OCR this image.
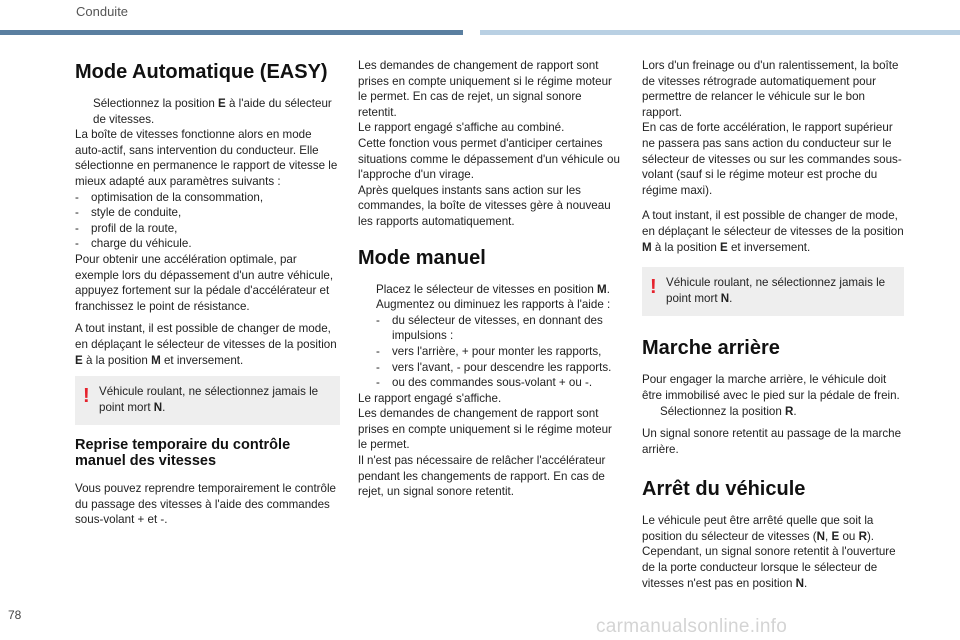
Conduite
Mode Automatique (EASY)
Sélectionnez la position E à l'aide du sélecteur de vitesses.

La boîte de vitesses fonctionne alors en mode auto-actif, sans intervention du conducteur. Elle sélectionne en permanence le rapport de vitesse le mieux adapté aux paramètres suivants :

-	optimisation de la consommation,
-	style de conduite,
-	profil de la route,
-	charge du véhicule.

Pour obtenir une accélération optimale, par exemple lors du dépassement d'un autre véhicule, appuyez fortement sur la pédale d'accélérateur et franchissez le point de résistance.

A tout instant, il est possible de changer de mode, en déplaçant le sélecteur de vitesses de la position E à la position M et inversement.

! Véhicule roulant, ne sélectionnez jamais le point mort N.
Reprise temporaire du contrôle manuel des vitesses

Vous pouvez reprendre temporairement le contrôle du passage des vitesses à l'aide des commandes sous-volant + et -.

Les demandes de changement de rapport sont prises en compte uniquement si le régime moteur le permet. En cas de rejet, un signal sonore retentit.

Le rapport engagé s'affiche au combiné.

Cette fonction vous permet d'anticiper certaines situations comme le dépassement d'un véhicule ou l'approche d'un virage.

Après quelques instants sans action sur les commandes, la boîte de vitesses gère à nouveau les rapports automatiquement.

Mode manuel
Placez le sélecteur de vitesses en position M.
Augmentez ou diminuez les rapports à l'aide :
-	du sélecteur de vitesses, en donnant des impulsions :
-	vers l'arrière, + pour monter les rapports,
-	vers l'avant, - pour descendre les rapports.
-	ou des commandes sous-volant + ou -.

Le rapport engagé s'affiche.

Les demandes de changement de rapport sont prises en compte uniquement si le régime moteur le permet.

Il n'est pas nécessaire de relâcher l'accélérateur pendant les changements de rapport. En cas de rejet, un signal sonore retentit.

Lors d'un freinage ou d'un ralentissement, la boîte de vitesses rétrograde automatiquement pour permettre de relancer le véhicule sur le bon rapport.

En cas de forte accélération, le rapport supérieur ne passera pas sans action du conducteur sur le sélecteur de vitesses ou sur les commandes sous-volant (sauf si le régime moteur est proche du régime maxi).

A tout instant, il est possible de changer de mode, en déplaçant le sélecteur de vitesses de la position M à la position E et inversement.

! Véhicule roulant, ne sélectionnez jamais le point mort N.
Marche arrière

Pour engager la marche arrière, le véhicule doit être immobilisé avec le pied sur la pédale de frein.

Sélectionnez la position R.

Un signal sonore retentit au passage de la marche arrière.

Arrêt du véhicule

Le véhicule peut être arrêté quelle que soit la position du sélecteur de vitesses (N, E ou R).

Cependant, un signal sonore retentit à l'ouverture de la porte conducteur lorsque le sélecteur de vitesses n'est pas en position N.

78
carmanualsonline.info
